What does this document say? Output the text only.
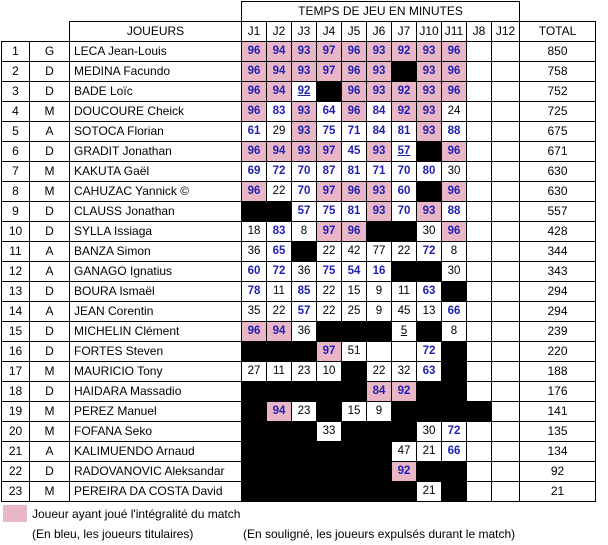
			TEMPS DE JEU EN MINUTES											
		JOUEURS	J1	J2	J3	J4	J5	J6	J7	J10	J11	J8	J12	TOTAL
1	G	LECA Jean-Louis	96	94	93	97	96	93	92	93	96			850
2	D	MEDINA Facundo	96	94	93	97	96	93		93	96			758
3	D	BADE Loïc	96	94	92		96	93	92	93	96			752
4	M	DOUCOURE Cheick	96	83	93	64	96	84	92	93	24			725
5	A	SOTOCA Florian	61	29	93	75	71	84	81	93	88			675
6	D	GRADIT Jonathan	96	94	93	97	45	93	57		96			671
7	M	KAKUTA Gaël	69	72	70	87	81	71	70	80	30			630
8	M	CAHUZAC Yannick ©	96	22	70	97	96	93	60		96			630
9	D	CLAUSS Jonathan			57	75	81	93	70	93	88			557
10	D	SYLLA Issiaga	18	83	8	97	96			30	96			428
11	A	BANZA Simon	36	65		22	42	77	22	72	8			344
12	A	GANAGO Ignatius	60	72	36	75	54	16			30			343
13	D	BOURA Ismaël	78	11	85	22	15	9	11	63				294
14	A	JEAN Corentin	35	22	57	22	25	9	45	13	66			294
15	D	MICHELIN Clément	96	94	36				5		8			239
16	D	FORTES Steven				97	51			72				220
17	M	MAURICIO Tony	27	11	23	10		22	32	63				188
18	D	HAIDARA Massadio						84	92					176
19	M	PEREZ Manuel		94	23		15	9						141
20	M	FOFANA Seko				33				30	72			135
21	A	KALIMUENDO Arnaud							47	21	66			134
22	D	RADOVANOVIC Aleksandar							92					92
23	M	PEREIRA DA COSTA David								21				21
Joueur ayant joué l'intégralité du match
(En bleu, les joueurs titulaires)	(En souligné, les joueurs expulsés durant le match)
